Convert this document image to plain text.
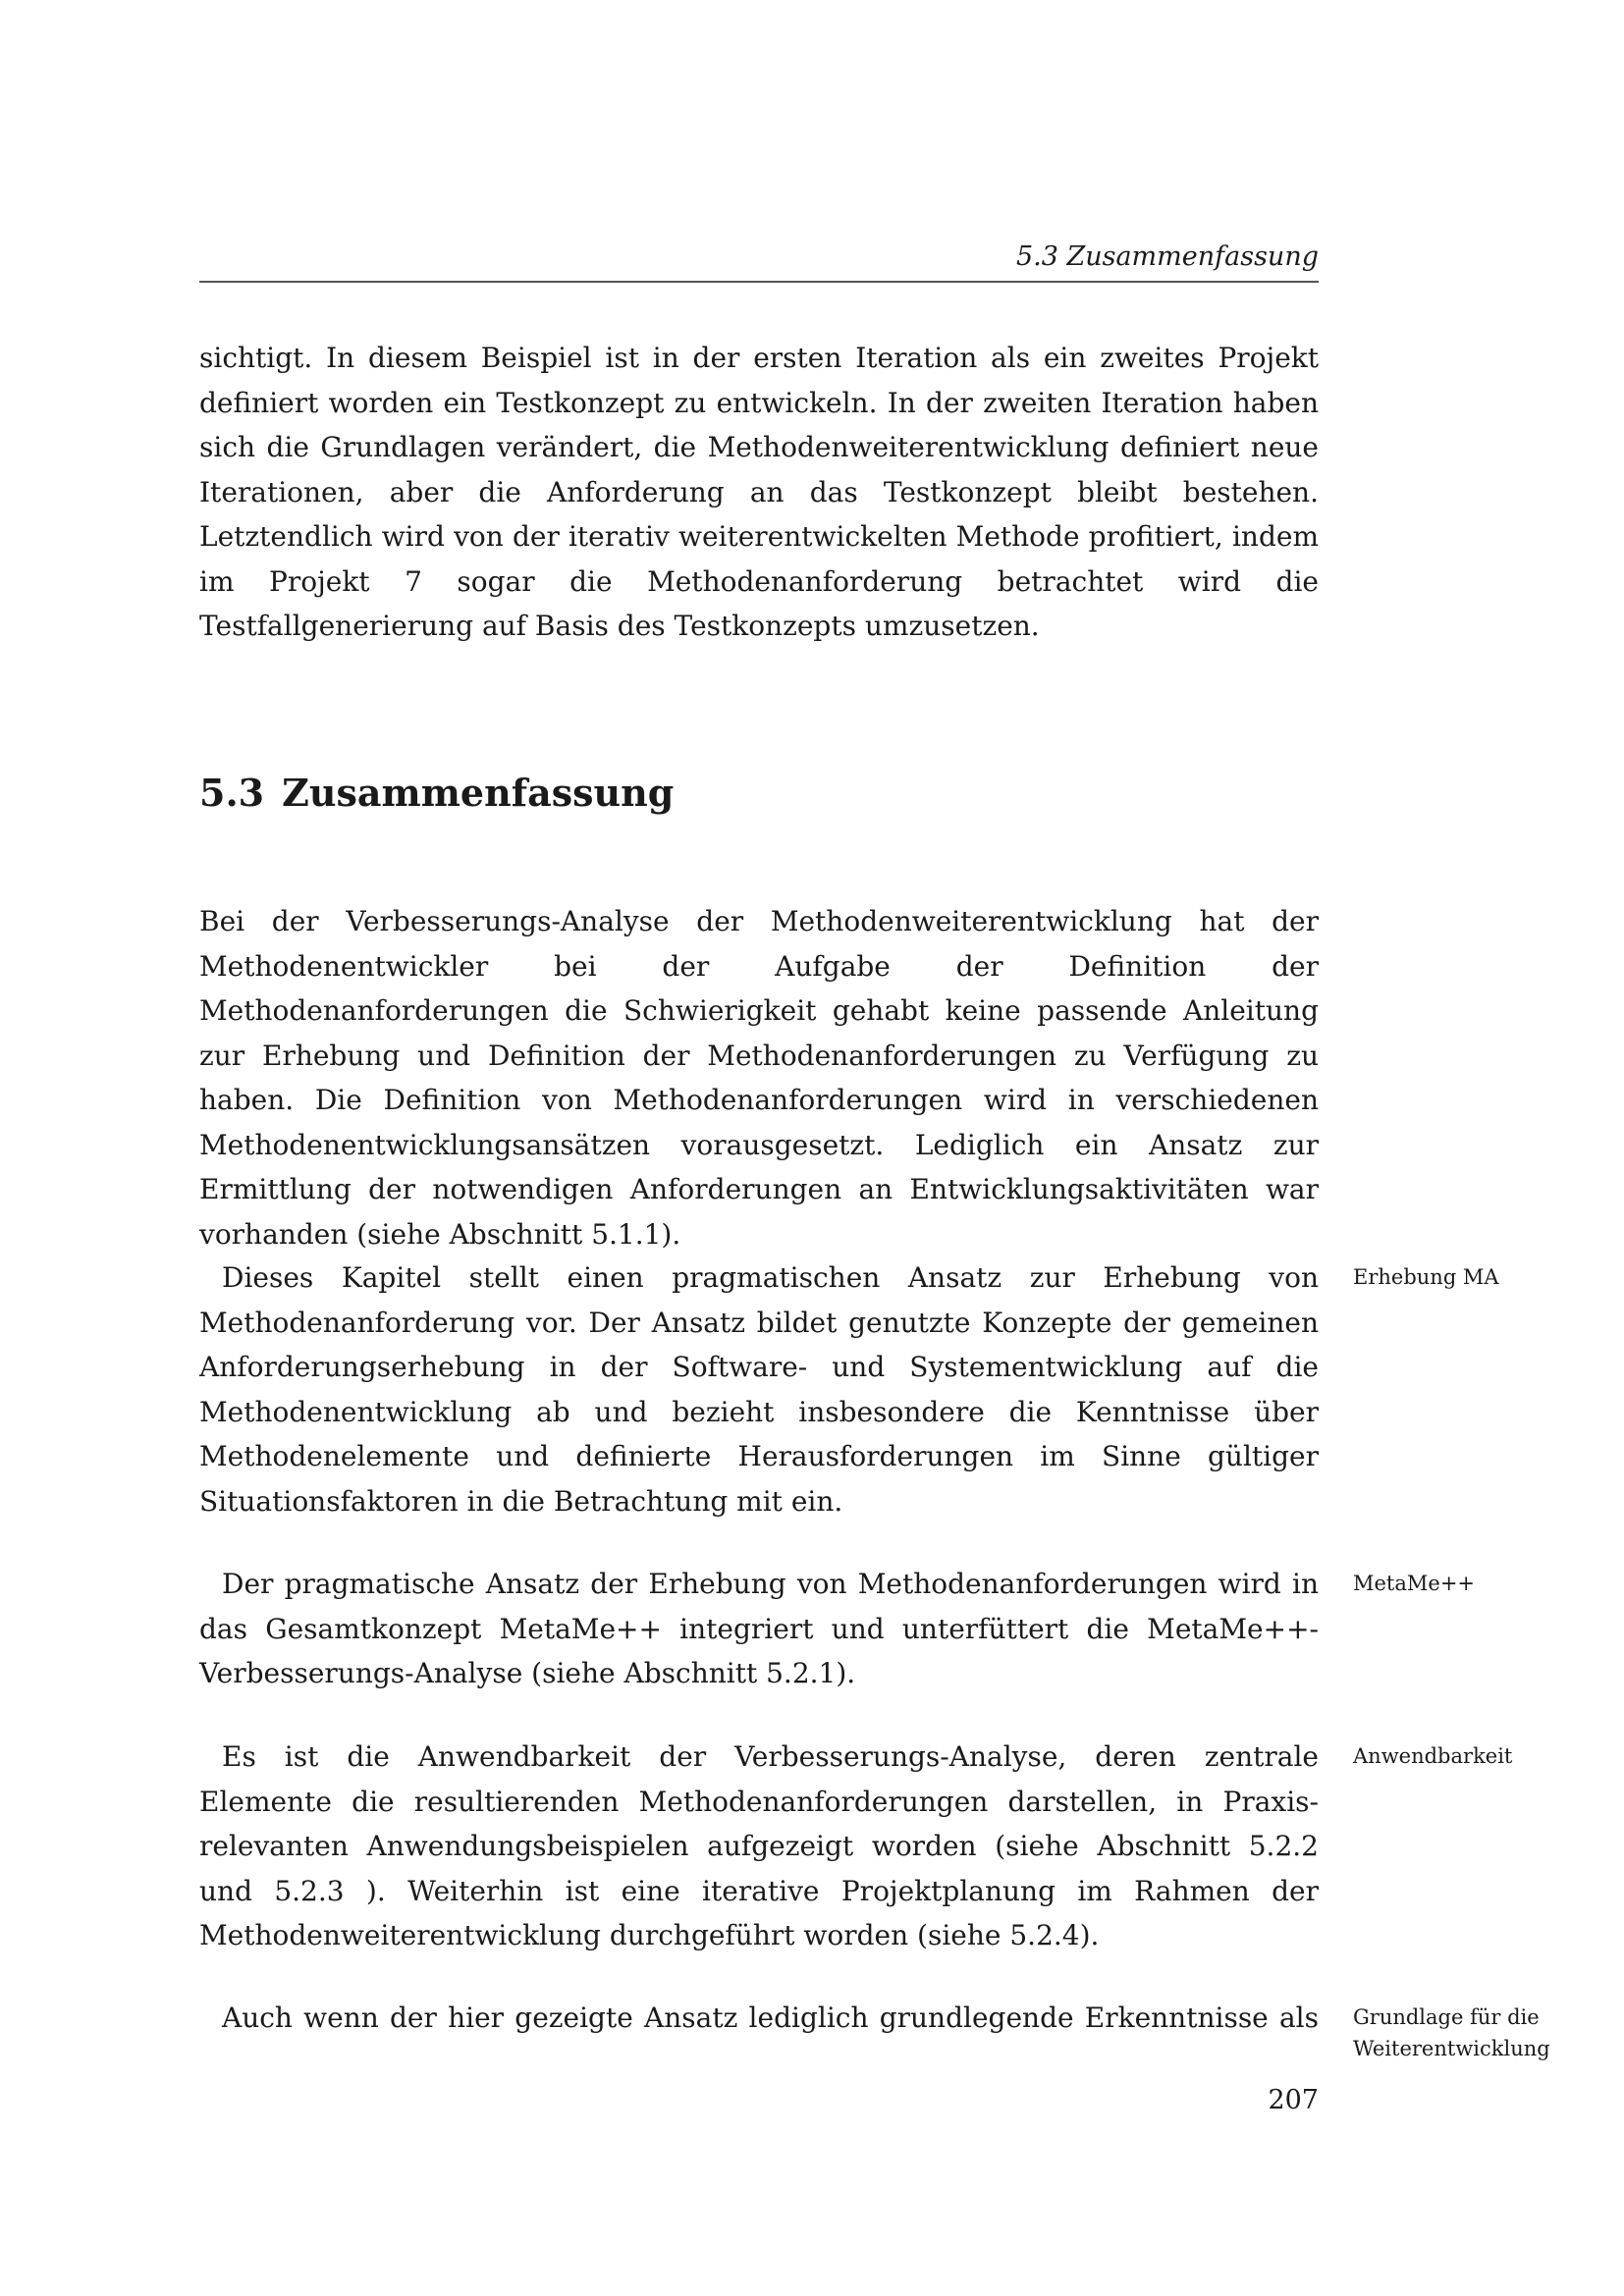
5.3 Zusammenfassung

sichtigt. In diesem Beispiel ist in der ersten Iteration als ein zweites Projekt definiert worden ein Testkonzept zu entwickeln. In der zweiten Iteration haben sich die Grundlagen verändert, die Methodenweiterentwicklung definiert neue Iterationen, aber die Anforderung an das Testkonzept bleibt bestehen. Letztendlich wird von der iterativ weiterentwickelten Methode profitiert, indem im Projekt 7 sogar die Methodenanforderung betrachtet wird die Testfallgenerierung auf Basis des Testkonzepts umzusetzen.

5.3 Zusammenfassung

Bei der Verbesserungs-Analyse der Methodenweiterentwicklung hat der Methodenentwickler bei der Aufgabe der Definition der Methodenanforderungen die Schwierigkeit gehabt keine passende Anleitung zur Erhebung und Definition der Methodenanforderungen zu Verfügung zu haben. Die Definition von Methodenanforderungen wird in verschiedenen Methodenentwicklungsansätzen vorausgesetzt. Lediglich ein Ansatz zur Ermittlung der notwendigen Anforderungen an Entwicklungsaktivitäten war vorhanden (siehe Abschnitt 5.1.1).

Dieses Kapitel stellt einen pragmatischen Ansatz zur Erhebung von Methodenanforderung vor. Der Ansatz bildet genutzte Konzepte der gemeinen Anforderungserhebung in der Software- und Systementwicklung auf die Methodenentwicklung ab und bezieht insbesondere die Kenntnisse über Methodenelemente und definierte Herausforderungen im Sinne gültiger Situationsfaktoren in die Betrachtung mit ein.

Erhebung MA

Der pragmatische Ansatz der Erhebung von Methodenanforderungen wird in das Gesamtkonzept MetaMe++ integriert und unterfüttert die MetaMe++-Verbesserungs-Analyse (siehe Abschnitt 5.2.1).

MetaMe++

Es ist die Anwendbarkeit der Verbesserungs-Analyse, deren zentrale Elemente die resultierenden Methodenanforderungen darstellen, in Praxis-relevanten Anwendungsbeispielen aufgezeigt worden (siehe Abschnitt 5.2.2 und 5.2.3 ). Weiterhin ist eine iterative Projektplanung im Rahmen der Methodenweiterentwicklung durchgeführt worden (siehe 5.2.4).

Anwendbarkeit

Auch wenn der hier gezeigte Ansatz lediglich grundlegende Erkenntnisse als Grundlage für die Weiterentwicklung

207
